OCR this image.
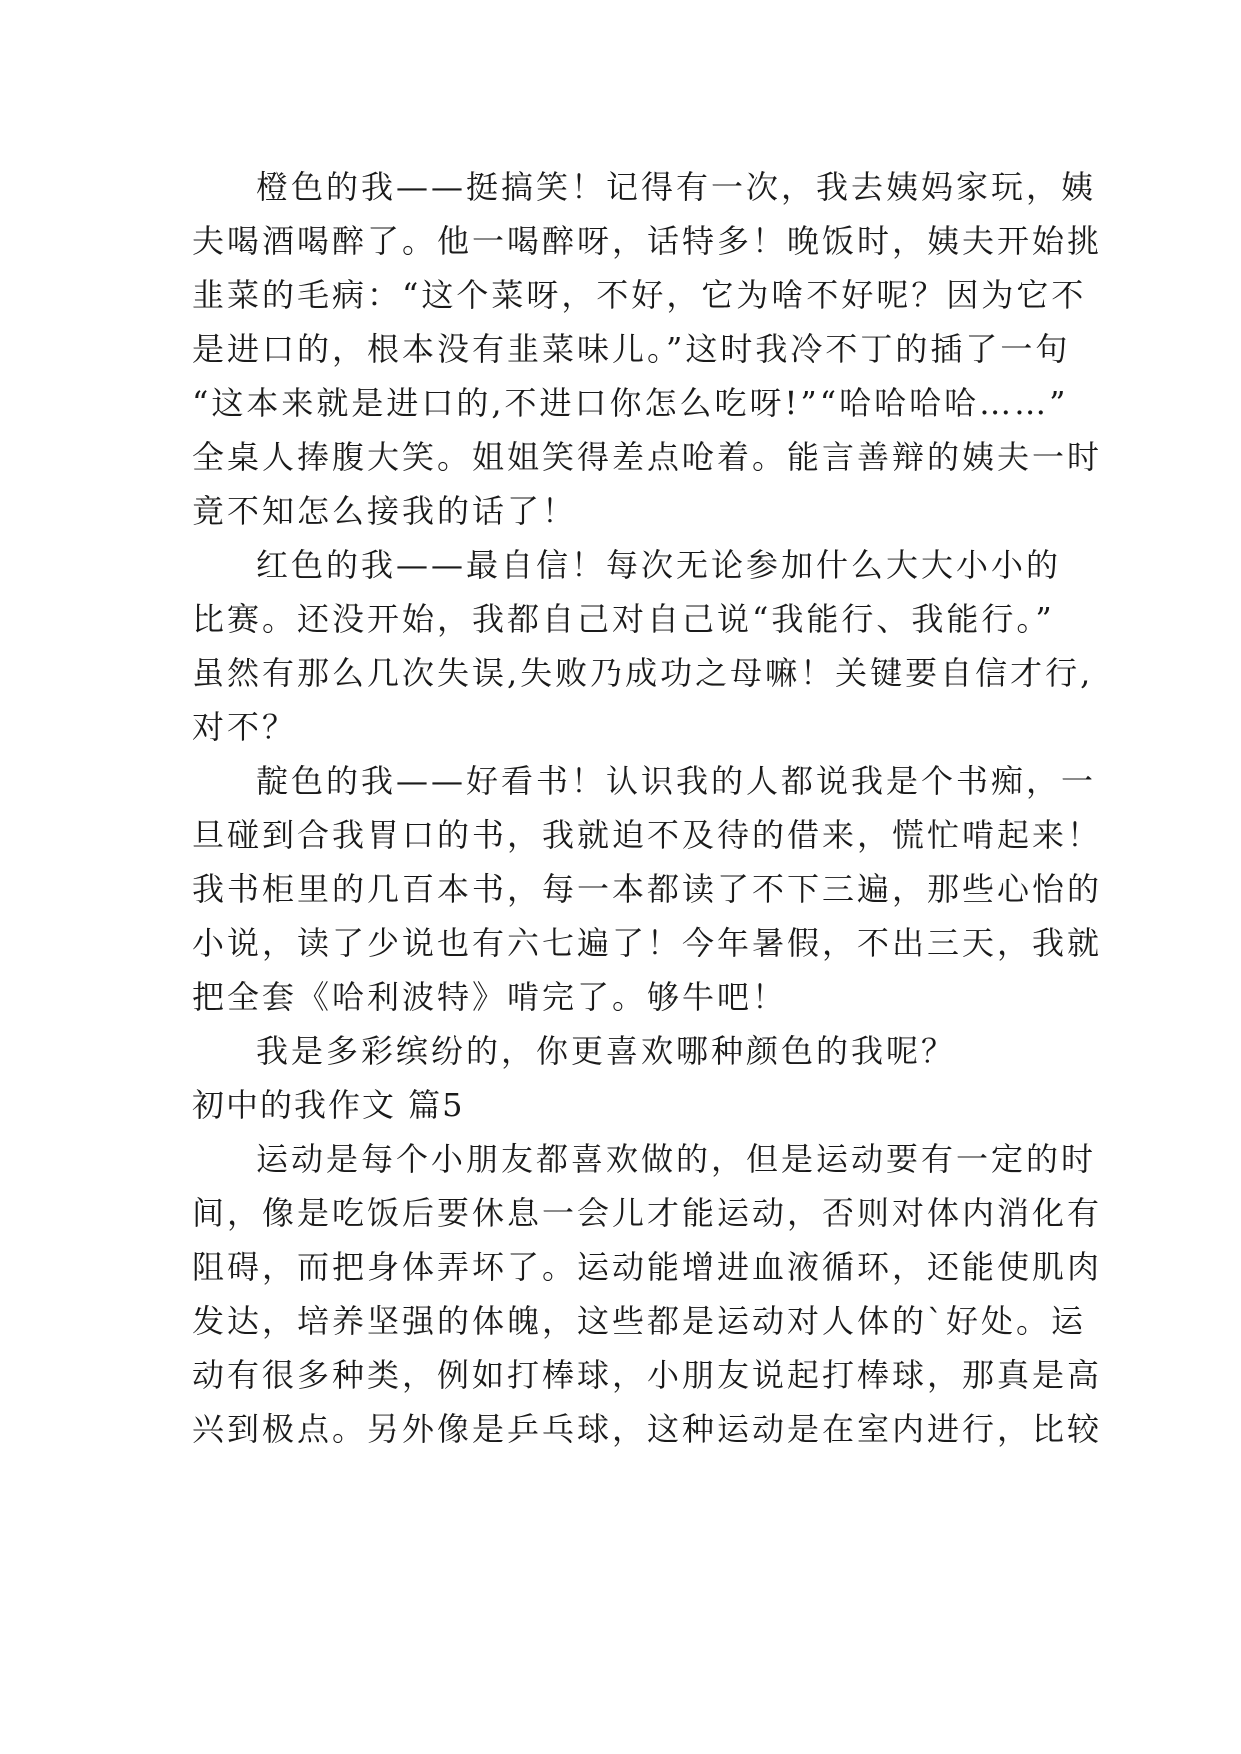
橙色的我——挺搞笑！记得有一次，我去姨妈家玩，姨
夫喝酒喝醉了。他一喝醉呀，话特多！晚饭时，姨夫开始挑
韭菜的毛病：“这个菜呀，不好，它为啥不好呢？因为它不
是进口的，根本没有韭菜味儿。”这时我冷不丁的插了一句
“这本来就是进口的,不进口你怎么吃呀!”“哈哈哈哈……”
全桌人捧腹大笑。姐姐笑得差点呛着。能言善辩的姨夫一时
竟不知怎么接我的话了！
红色的我——最自信！每次无论参加什么大大小小的
比赛。还没开始，我都自己对自己说“我能行、我能行。”
虽然有那么几次失误,失败乃成功之母嘛！关键要自信才行,
对不？
靛色的我——好看书！认识我的人都说我是个书痴，一
旦碰到合我胃口的书，我就迫不及待的借来，慌忙啃起来！
我书柜里的几百本书，每一本都读了不下三遍，那些心怡的
小说，读了少说也有六七遍了！今年暑假，不出三天，我就
把全套《哈利波特》啃完了。够牛吧！
我是多彩缤纷的，你更喜欢哪种颜色的我呢？
初中的我作文 篇5
运动是每个小朋友都喜欢做的，但是运动要有一定的时
间，像是吃饭后要休息一会儿才能运动，否则对体内消化有
阻碍，而把身体弄坏了。运动能增进血液循环，还能使肌肉
发达，培养坚强的体魄，这些都是运动对人体的`好处。运
动有很多种类，例如打棒球，小朋友说起打棒球，那真是高
兴到极点。另外像是乒乓球，这种运动是在室内进行，比较
